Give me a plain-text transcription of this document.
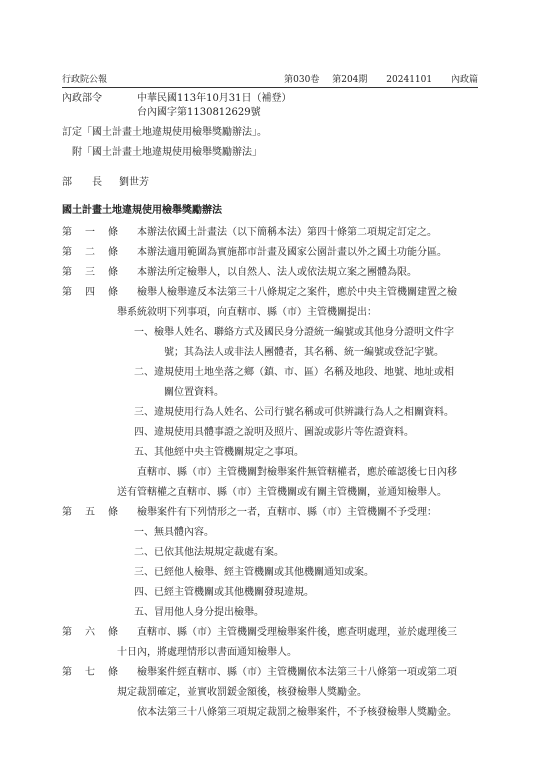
行政院公報	第030卷 第204期 20241101 內政篇
內政部令	中華民國113年10月31日（補登）
台內國字第1130812629號
訂定「國土計畫土地違規使用檢舉獎勵辦法」。
附「國土計畫土地違規使用檢舉獎勵辦法」
部 長	劉世芳
國土計畫土地違規使用檢舉獎勵辦法
第 一 條 本辦法依國土計畫法（以下簡稱本法）第四十條第二項規定訂定之。
第 二 條 本辦法適用範圍為實施都市計畫及國家公園計畫以外之國土功能分區。
第 三 條 本辦法所定檢舉人，以自然人、法人或依法規立案之團體為限。
第 四 條 檢舉人檢舉違反本法第三十八條規定之案件，應於中央主管機關建置之檢
舉系統敘明下列事項，向直轄市、縣（市）主管機關提出：
一、檢舉人姓名、聯絡方式及國民身分證統一編號或其他身分證明文件字
號；其為法人或非法人團體者，其名稱、統一編號或登記字號。
二、違規使用土地坐落之鄉（鎮、市、區）名稱及地段、地號、地址或相
關位置資料。
三、違規使用行為人姓名、公司行號名稱或可供辨識行為人之相關資料。
四、違規使用具體事證之說明及照片、圖說或影片等佐證資料。
五、其他經中央主管機關規定之事項。
直轄市、縣（市）主管機關對檢舉案件無管轄權者，應於確認後七日內移
送有管轄權之直轄市、縣（市）主管機關或有關主管機關，並通知檢舉人。
第 五 條 檢舉案件有下列情形之一者，直轄市、縣（市）主管機關不予受理：
一、無具體內容。
二、已依其他法規規定裁處有案。
三、已經他人檢舉、經主管機關或其他機關通知或案。
四、已經主管機關或其他機關發現違規。
五、冒用他人身分提出檢舉。
第 六 條 直轄市、縣（市）主管機關受理檢舉案件後，應查明處理，並於處理後三
十日內，將處理情形以書面通知檢舉人。
第 七 條 檢舉案件經直轄市、縣（市）主管機關依本法第三十八條第一項或第二項
規定裁罰確定，並實收罰鍰金額後，核發檢舉人獎勵金。
依本法第三十八條第三項規定裁罰之檢舉案件，不予核發檢舉人獎勵金。
